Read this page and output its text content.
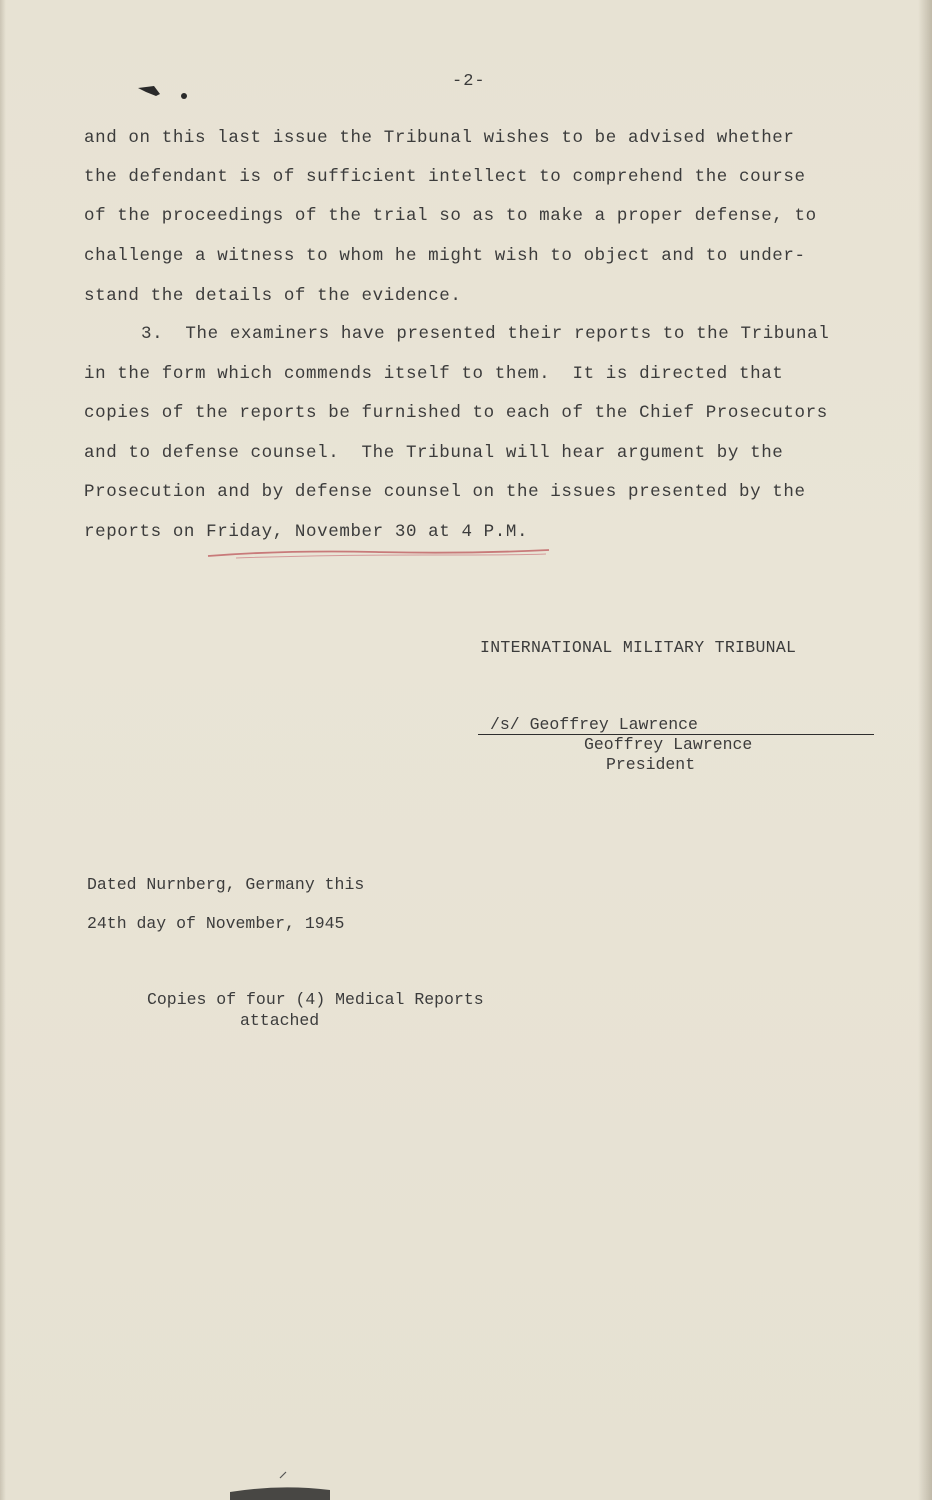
-2-
and on this last issue the Tribunal wishes to be advised whether
the defendant is of sufficient intellect to comprehend the course
of the proceedings of the trial so as to make a proper defense, to
challenge a witness to whom he might wish to object and to under-
stand the details of the evidence.
3.  The examiners have presented their reports to the Tribunal
in the form which commends itself to them.  It is directed that
copies of the reports be furnished to each of the Chief Prosecutors
and to defense counsel.  The Tribunal will hear argument by the
Prosecution and by defense counsel on the issues presented by the
reports on Friday, November 30 at 4 P.M.
INTERNATIONAL MILITARY TRIBUNAL
/s/ Geoffrey Lawrence
Geoffrey Lawrence
President
Dated Nurnberg, Germany this
24th day of November, 1945
Copies of four (4) Medical Reports
attached
